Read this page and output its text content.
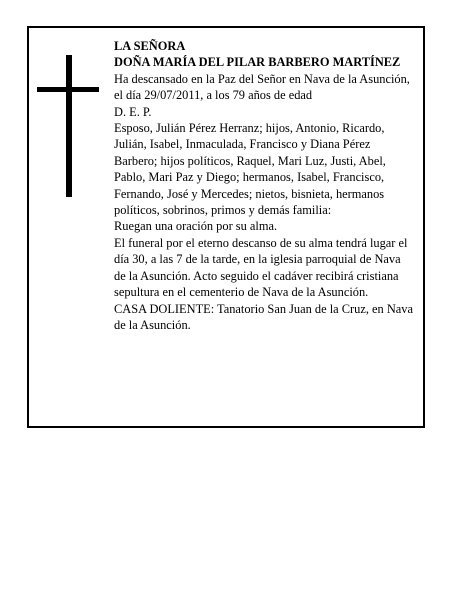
LA SEÑORA

DOÑA MARÍA DEL PILAR BARBERO MARTÍNEZ

Ha descansado en la Paz del Señor en Nava de la Asunción, el día 29/07/2011, a los 79 años de edad

D. E. P.

Esposo, Julián Pérez Herranz; hijos, Antonio, Ricardo, Julián, Isabel, Inmaculada, Francisco y Diana Pérez Barbero; hijos políticos, Raquel, Mari Luz, Justi, Abel, Pablo, Mari Paz y Diego; hermanos, Isabel, Francisco, Fernando, José y Mercedes; nietos, bisnieta, hermanos políticos, sobrinos, primos y demás familia:

Ruegan una oración por su alma.

El funeral por el eterno descanso de su alma tendrá lugar el día 30, a las 7 de la tarde, en la iglesia parroquial de Nava de la Asunción. Acto seguido el cadáver recibirá cristiana sepultura en el cementerio de Nava de la Asunción.

CASA DOLIENTE: Tanatorio San Juan de la Cruz, en Nava de la Asunción.
